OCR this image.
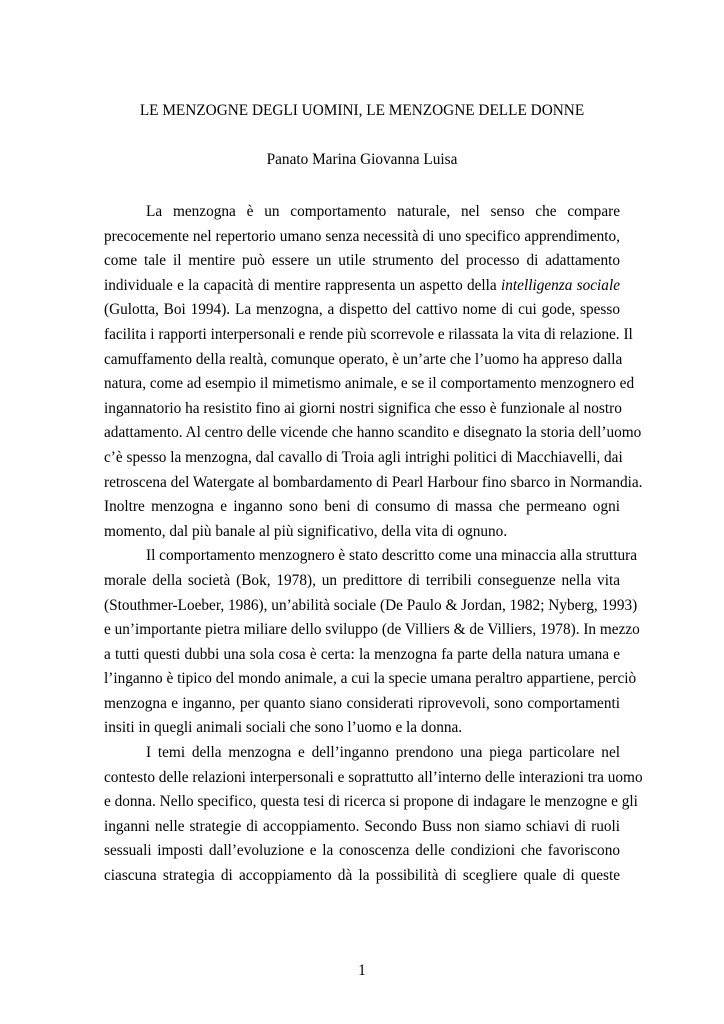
LE MENZOGNE DEGLI UOMINI, LE MENZOGNE DELLE DONNE
Panato Marina Giovanna Luisa
La menzogna è un comportamento naturale, nel senso che compare
precocemente nel repertorio umano senza necessità di uno specifico apprendimento,
come tale il mentire può essere un utile strumento del processo di adattamento
individuale e la capacità di mentire rappresenta un aspetto della intelligenza sociale
(Gulotta, Boi 1994). La menzogna, a dispetto del cattivo nome di cui gode, spesso
facilita i rapporti interpersonali e rende più scorrevole e rilassata la vita di relazione. Il
camuffamento della realtà, comunque operato, è un’arte che l’uomo ha appreso dalla
natura, come ad esempio il mimetismo animale, e se il comportamento menzognero ed
ingannatorio ha resistito fino ai giorni nostri significa che esso è funzionale al nostro
adattamento. Al centro delle vicende che hanno scandito e disegnato la storia dell’uomo
c’è spesso la menzogna, dal cavallo di Troia agli intrighi politici di Macchiavelli, dai
retroscena del Watergate al bombardamento di Pearl Harbour fino sbarco in Normandia.
Inoltre menzogna e inganno sono beni di consumo di massa che permeano ogni
momento, dal più banale al più significativo, della vita di ognuno.
Il comportamento menzognero è stato descritto come una minaccia alla struttura
morale della società (Bok, 1978), un predittore di terribili conseguenze nella vita
(Stouthmer-Loeber, 1986), un’abilità sociale (De Paulo & Jordan, 1982; Nyberg, 1993)
e un’importante pietra miliare dello sviluppo (de Villiers & de Villiers, 1978). In mezzo
a tutti questi dubbi una sola cosa è certa: la menzogna fa parte della natura umana e
l’inganno è tipico del mondo animale, a cui la specie umana peraltro appartiene, perciò
menzogna e inganno, per quanto siano considerati riprovevoli, sono comportamenti
insiti in quegli animali sociali che sono l’uomo e la donna.
I temi della menzogna e dell’inganno prendono una piega particolare nel
contesto delle relazioni interpersonali e soprattutto all’interno delle interazioni tra uomo
e donna. Nello specifico, questa tesi di ricerca si propone di indagare le menzogne e gli
inganni nelle strategie di accoppiamento. Secondo Buss non siamo schiavi di ruoli
sessuali imposti dall’evoluzione e la conoscenza delle condizioni che favoriscono
ciascuna strategia di accoppiamento dà la possibilità di scegliere quale di queste
1
